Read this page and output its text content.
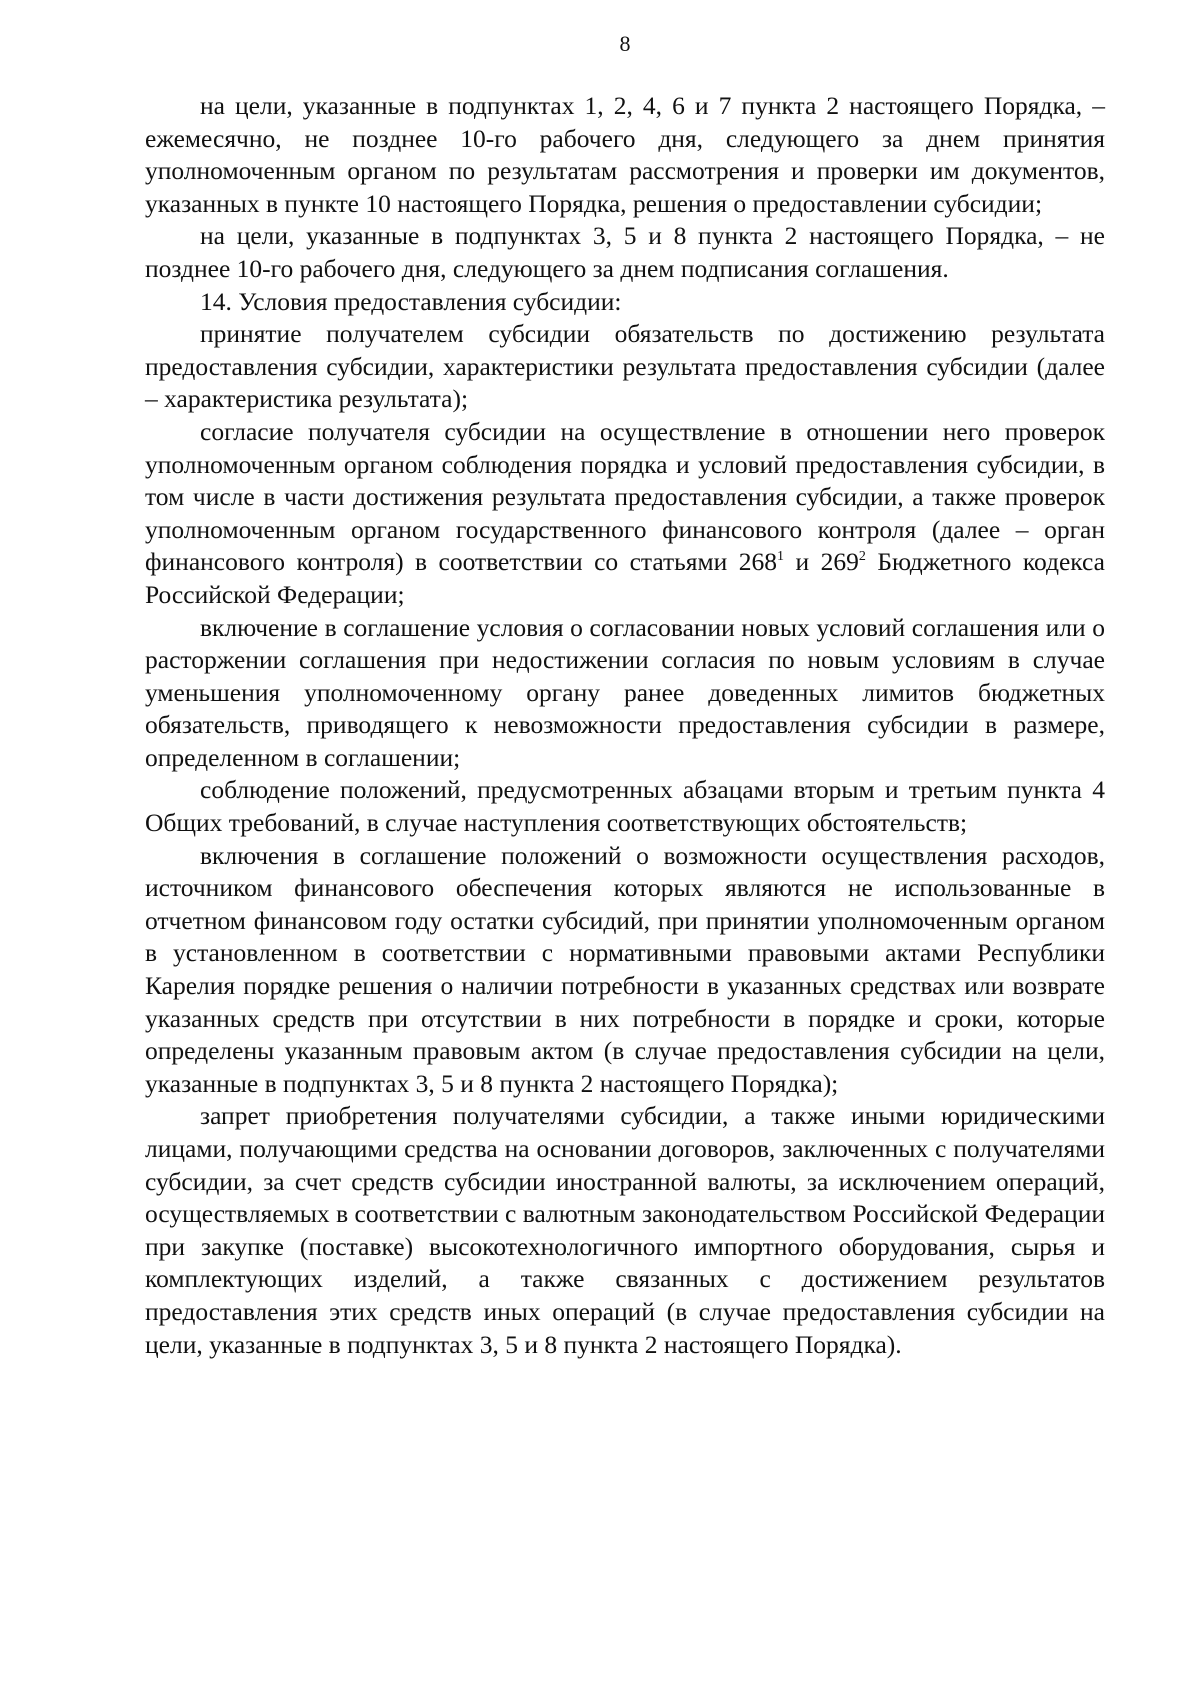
8

на цели, указанные в подпунктах 1, 2, 4, 6 и 7 пункта 2 настоящего Порядка, – ежемесячно, не позднее 10-го рабочего дня, следующего за днем принятия уполномоченным органом по результатам рассмотрения и проверки им документов, указанных в пункте 10 настоящего Порядка, решения о предоставлении субсидии;

на цели, указанные в подпунктах 3, 5 и 8 пункта 2 настоящего Порядка, – не позднее 10-го рабочего дня, следующего за днем подписания соглашения.

14. Условия предоставления субсидии:

принятие получателем субсидии обязательств по достижению результата предоставления субсидии, характеристики результата предоставления субсидии (далее – характеристика результата);

согласие получателя субсидии на осуществление в отношении него проверок уполномоченным органом соблюдения порядка и условий предоставления субсидии, в том числе в части достижения результата предоставления субсидии, а также проверок уполномоченным органом государственного финансового контроля (далее – орган финансового контроля) в соответствии со статьями $268^1$ и $269^2$ Бюджетного кодекса Российской Федерации;

включение в соглашение условия о согласовании новых условий соглашения или о расторжении соглашения при недостижении согласия по новым условиям в случае уменьшения уполномоченному органу ранее доведенных лимитов бюджетных обязательств, приводящего к невозможности предоставления субсидии в размере, определенном в соглашении;

соблюдение положений, предусмотренных абзацами вторым и третьим пункта 4 Общих требований, в случае наступления соответствующих обстоятельств;

включения в соглашение положений о возможности осуществления расходов, источником финансового обеспечения которых являются не использованные в отчетном финансовом году остатки субсидий, при принятии уполномоченным органом в установленном в соответствии с нормативными правовыми актами Республики Карелия порядке решения о наличии потребности в указанных средствах или возврате указанных средств при отсутствии в них потребности в порядке и сроки, которые определены указанным правовым актом (в случае предоставления субсидии на цели, указанные в подпунктах 3, 5 и 8 пункта 2 настоящего Порядка);

запрет приобретения получателями субсидии, а также иными юридическими лицами, получающими средства на основании договоров, заключенных с получателями субсидии, за счет средств субсидии иностранной валюты, за исключением операций, осуществляемых в соответствии с валютным законодательством Российской Федерации при закупке (поставке) высокотехнологичного импортного оборудования, сырья и комплектующих изделий, а также связанных с достижением результатов предоставления этих средств иных операций (в случае предоставления субсидии на цели, указанные в подпунктах 3, 5 и 8 пункта 2 настоящего Порядка).
